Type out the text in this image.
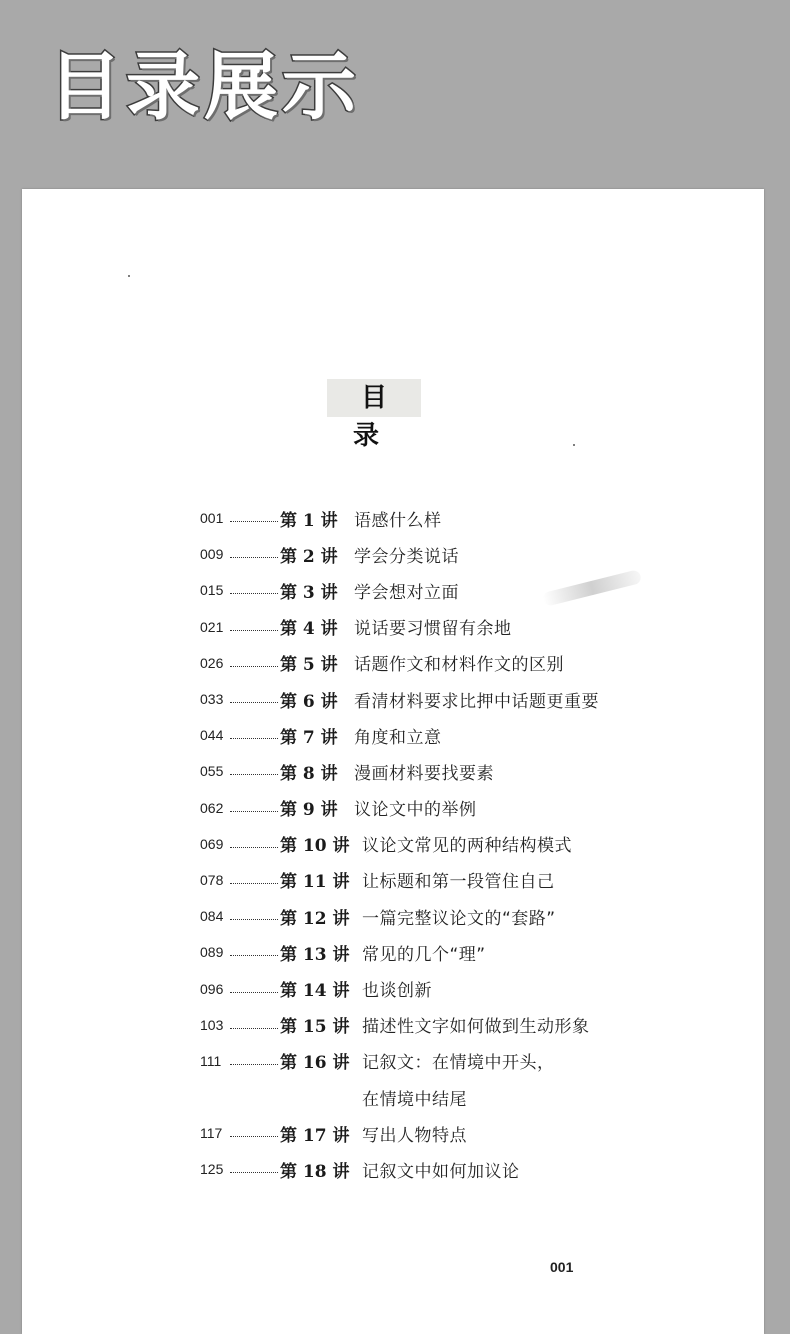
目录展示
目 录
001	第 1 讲 语感什么样
009	第 2 讲 学会分类说话
015	第 3 讲 学会想对立面
021	第 4 讲 说话要习惯留有余地
026	第 5 讲 话题作文和材料作文的区别
033	第 6 讲 看清材料要求比押中话题更重要
044	第 7 讲 角度和立意
055	第 8 讲 漫画材料要找要素
062	第 9 讲 议论文中的举例
069	第 10 讲 议论文常见的两种结构模式
078	第 11 讲 让标题和第一段管住自己
084	第 12 讲 一篇完整议论文的“套路”
089	第 13 讲 常见的几个“理”
096	第 14 讲 也谈创新
103	第 15 讲 描述性文字如何做到生动形象
111	第 16 讲 记叙文：在情境中开头，
在情境中结尾
117	第 17 讲 写出人物特点
125	第 18 讲 记叙文中如何加议论
001
